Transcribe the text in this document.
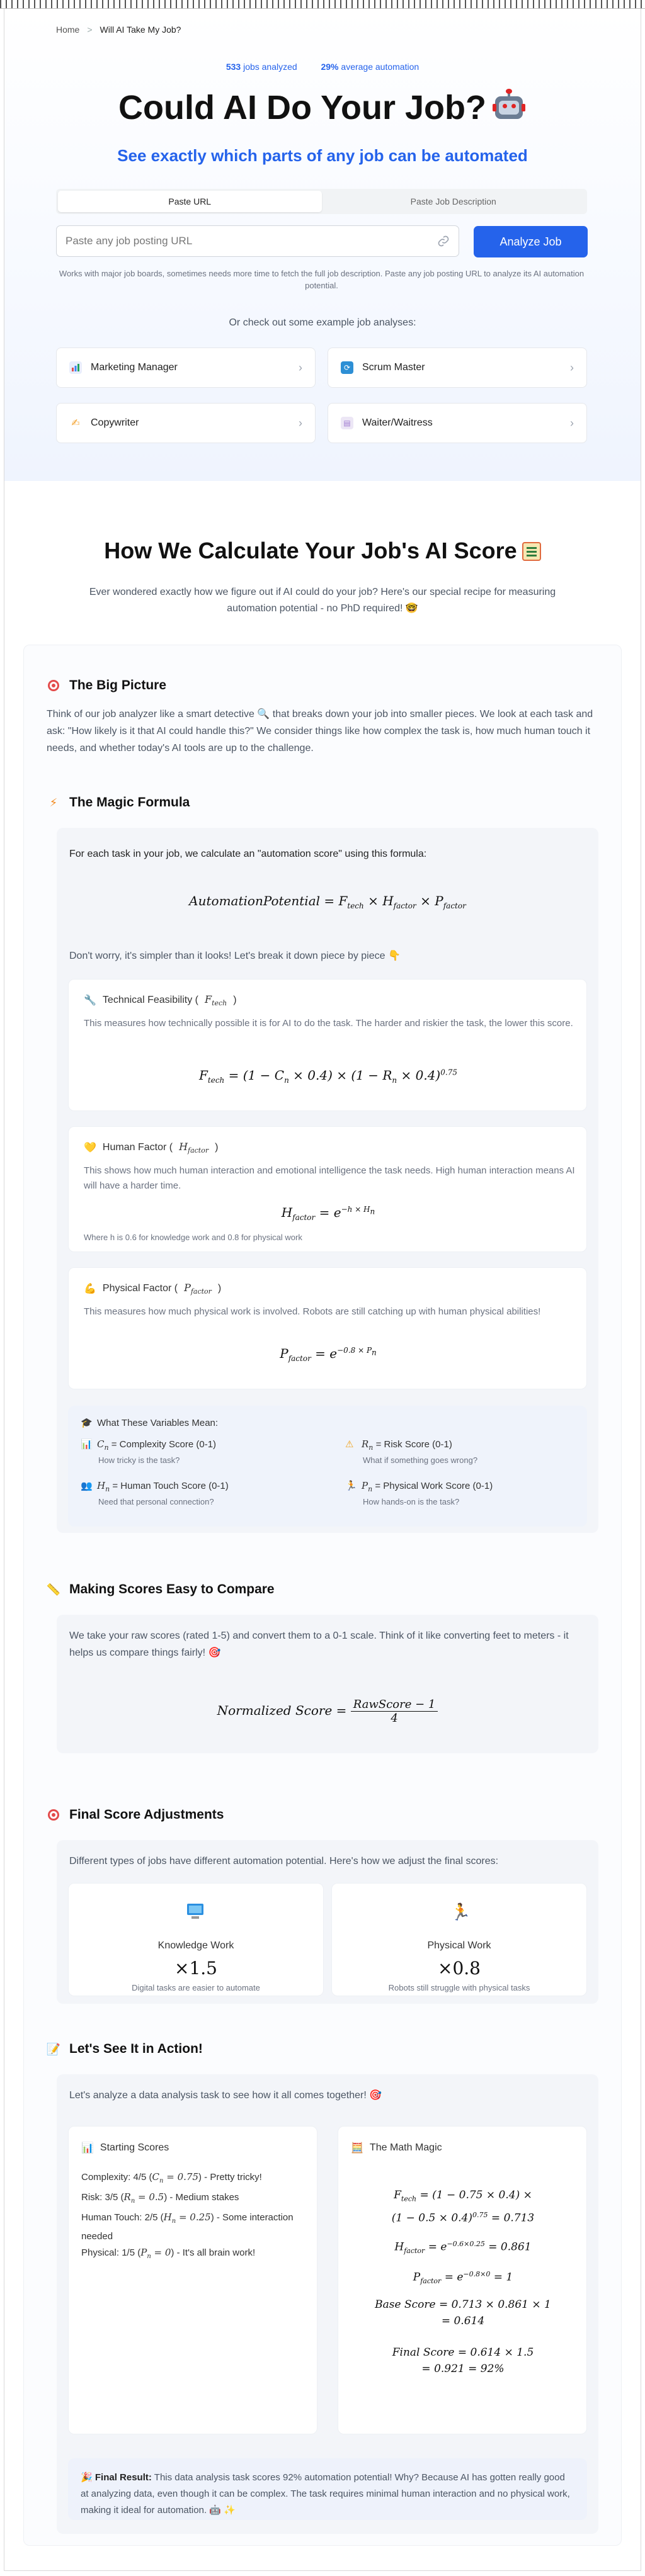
Home > Will AI Take My Job?
533 jobs analyzed	29% average automation
Could AI Do Your Job?
See exactly which parts of any job can be automated
Paste URL	Paste Job Description
Paste any job posting URL
Analyze Job
Works with major job boards, sometimes needs more time to fetch the full job description. Paste any job posting URL to analyze its AI automation potential.
Or check out some example job analyses:
Marketing Manager	›	⟳	Scrum Master	›
✍ Copywriter	›	▤ Waiter/Waitress	›
How We Calculate Your Job's AI Score
Ever wondered exactly how we figure out if AI could do your job? Here's our special recipe for measuring automation potential - no PhD required! 🤓
The Big Picture
Think of our job analyzer like a smart detective 🔍 that breaks down your job into smaller pieces. We look at each task and ask: "How likely is it that AI could handle this?" We consider things like how complex the task is, how much human touch it needs, and whether today's AI tools are up to the challenge.
⚡ The Magic Formula
For each task in your job, we calculate an "automation score" using this formula:
AutomationPotential = $F_{tech} \times H_{factor} \times P_{factor}$
Don't worry, it's simpler than it looks! Let's break it down piece by piece 👇
🔧 Technical Feasibility ( $F_{tech}$ )
This measures how technically possible it is for AI to do the task. The harder and riskier the task, the lower this score.
$F_{tech} = (1 - C_n \times 0.4) \times (1 - R_n \times 0.4)^{0.75}$
💛 Human Factor ( $H_{factor}$ )
This shows how much human interaction and emotional intelligence the task needs. High human interaction means AI will have a harder time.
$H_{factor} = e^{-h \times H_n}$
Where h is 0.6 for knowledge work and 0.8 for physical work
💪 Physical Factor ( $P_{factor}$ )
This measures how much physical work is involved. Robots are still catching up with human physical abilities!
$P_{factor} = e^{-0.8 \times P_n}$
🎓 What These Variables Mean:
📊 $C_n$ = Complexity Score (0-1)
How tricky is the task?
⚠ $R_n$ = Risk Score (0-1)
What if something goes wrong?
👥 $H_n$ = Human Touch Score (0-1)
Need that personal connection?
🏃 $P_n$ = Physical Work Score (0-1)
How hands-on is the task?
📏 Making Scores Easy to Compare
We take your raw scores (rated 1-5) and convert them to a 0-1 scale. Think of it like converting feet to meters - it helps us compare things fairly! 🎯
Normalized Score = RawScore − 1
4
Final Score Adjustments
Different types of jobs have different automation potential. Here's how we adjust the final scores:
Knowledge Work
×1.5
Digital tasks are easier to automate
🏃
Physical Work
×0.8
Robots still struggle with physical tasks
📝 Let's See It in Action!
Let's analyze a data analysis task to see how it all comes together! 🎯
📊 Starting Scores
Complexity: 4/5 $(C_n = 0.75)$ - Pretty tricky!
Risk: 3/5 $(R_n = 0.5)$ - Medium stakes
Human Touch: 2/5 $(H_n = 0.25)$ - Some interaction needed
Physical: 1/5 $(P_n = 0) - It's$ all brain work!
🧮 The Math Magic
$F_{tech} = (1 - 0.75 \times 0.4)$ ×
$(1 - 0.5 \times 0.4)^{0.75} = 0.713$
$H_{factor} = e^{-0.6\times 0.25} = 0.861$
$P_{factor} = e^{-0.8\times 0} = 1$
Base Score = 0.713 × 0.861 × 1
= 0.614
Final Score = 0.614 × 1.5
= 0.921 = 92%
🎉 Final Result: This data analysis task scores 92% automation potential! Why? Because AI has gotten really good at analyzing data, even though it can be complex. The task requires minimal human interaction and no physical work, making it ideal for automation. 🤖 ✨
